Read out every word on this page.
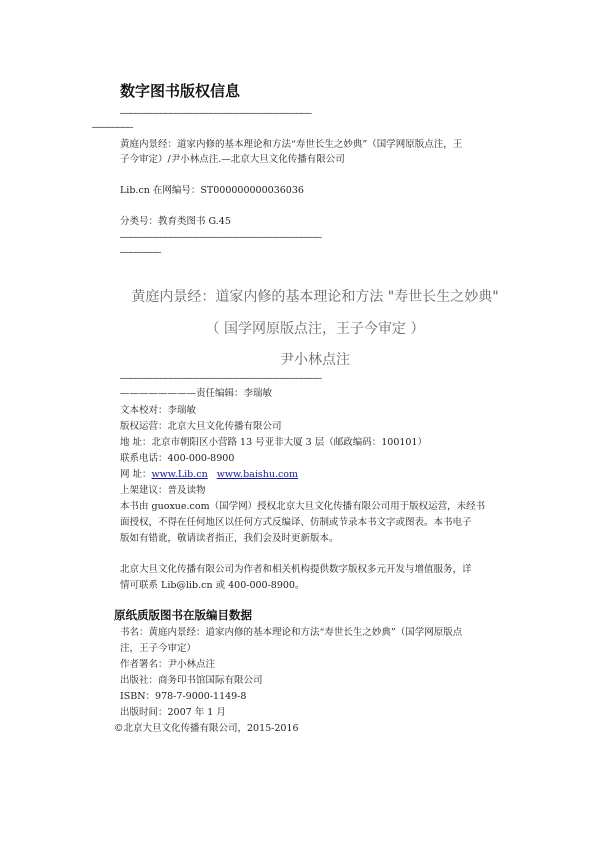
数字图书版权信息
——————————————————————————————————————
————————
黄庭内景经：道家内修的基本理论和方法“寿世长生之妙典”（国学网原版点注，王
子今审定）/尹小林点注.—北京大旦文化传播有限公司
Lib.cn 在网编号：ST000000000036036
分类号：教育类图书 G.45
————————————————————————————————————————
————————
黄庭内景经：道家内修的基本理论和方法 "寿世长生之妙典"
（ 国学网原版点注，王子今审定 ）
尹小林点注
————————————————————————————————————————
————————责任编辑：李瑞敏
文本校对：李瑞敏
版权运营：北京大旦文化传播有限公司
地 址：北京市朝阳区小营路 13 号亚非大厦 3 层（邮政编码：100101）
联系电话：400-000-8900
网 址：www.Lib.cn www.baishu.com
上架建议：普及读物
本书由 guoxue.com（国学网）授权北京大旦文化传播有限公司用于版权运营，未经书
面授权，不得在任何地区以任何方式反编译、仿制或节录本书文字或图表。本书电子
版如有错讹，敬请读者指正，我们会及时更新版本。
北京大旦文化传播有限公司为作者和相关机构提供数字版权多元开发与增值服务，详
情可联系 Lib@lib.cn 或 400-000-8900。
原纸质版图书在版编目数据
书名：黄庭内景经：道家内修的基本理论和方法“寿世长生之妙典”（国学网原版点
注，王子今审定）
作者署名：尹小林点注
出版社：商务印书馆国际有限公司
ISBN：978-7-9000-1149-8
出版时间：2007 年 1 月
©北京大旦文化传播有限公司，2015-2016
